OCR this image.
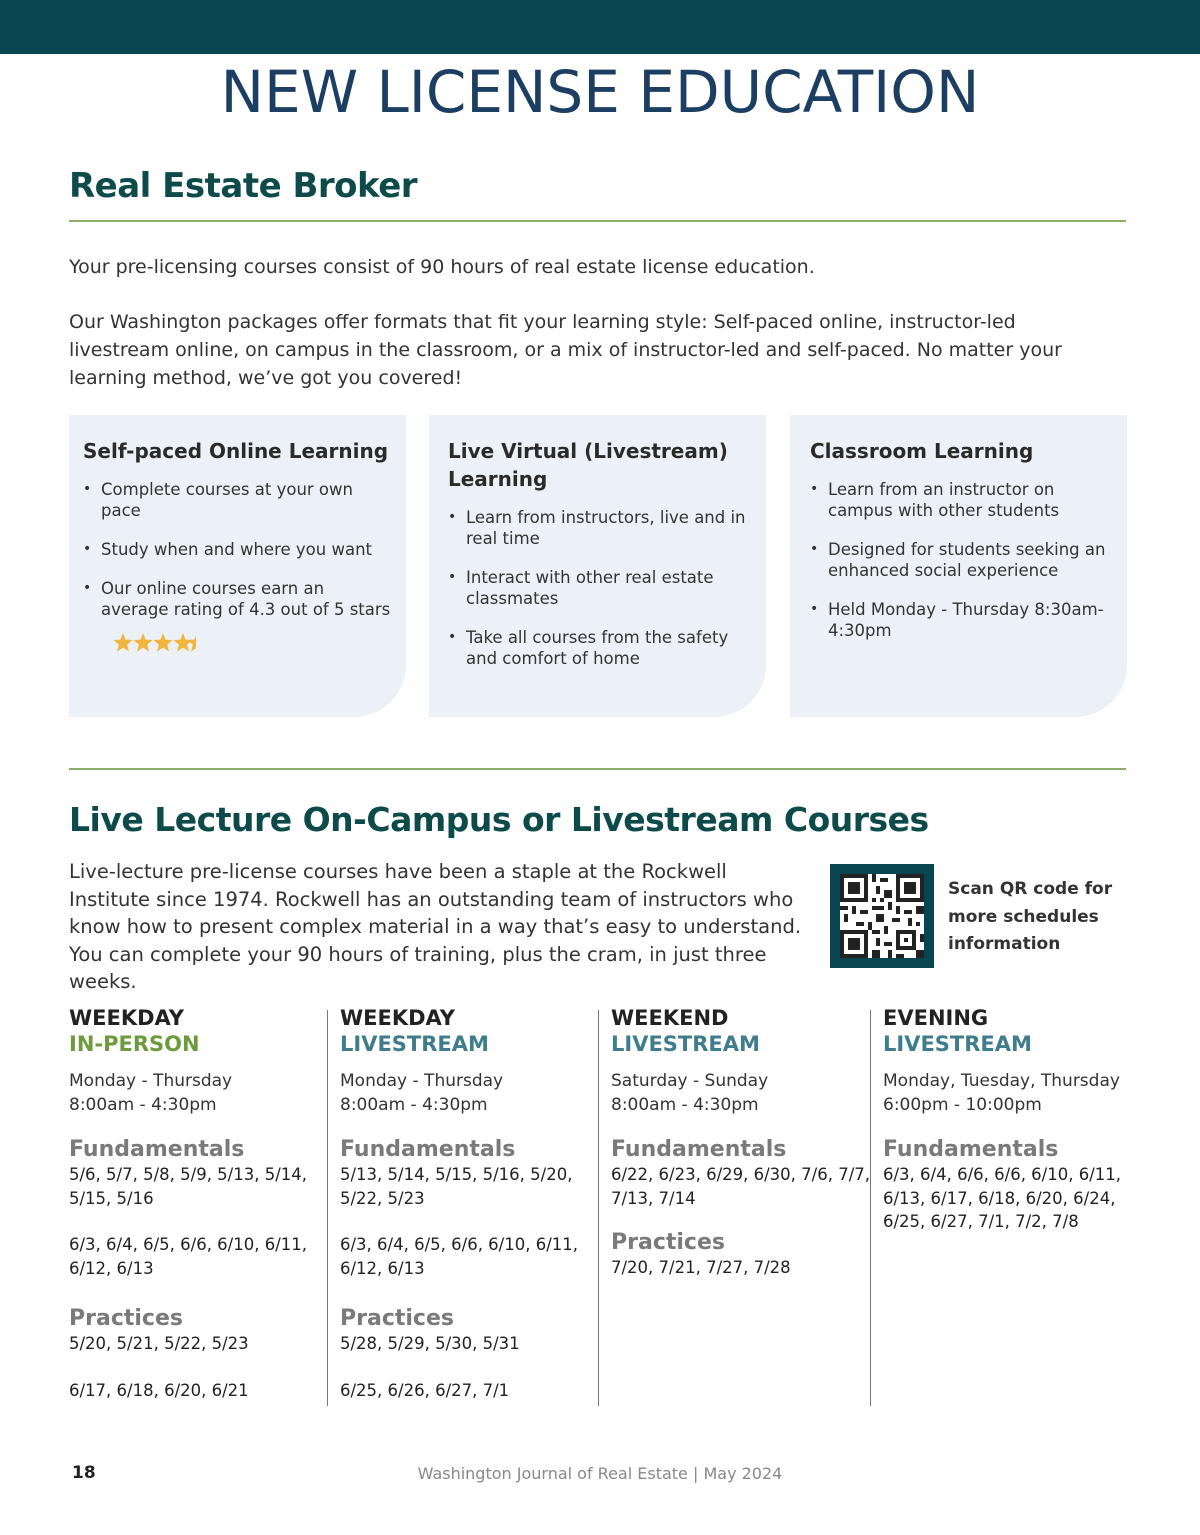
NEW LICENSE EDUCATION
Real Estate Broker

Your pre-licensing courses consist of 90 hours of real estate license education.

Our Washington packages offer formats that fit your learning style: Self-paced online, instructor-led livestream online, on campus in the classroom, or a mix of instructor-led and self-paced. No matter your learning method, we’ve got you covered!

Self-paced Online Learning
• Complete courses at your own pace
• Study when and where you want
• Our online courses earn an average rating of 4.3 out of 5 stars
Live Virtual (Livestream) Learning
• Learn from instructors, live and in real time
• Interact with other real estate classmates
• Take all courses from the safety and comfort of home
Classroom Learning
• Learn from an instructor on campus with other students
• Designed for students seeking an enhanced social experience
• Held Monday - Thursday 8:30am-4:30pm
Live Lecture On-Campus or Livestream Courses

Live-lecture pre-license courses have been a staple at the Rockwell Institute since 1974. Rockwell has an outstanding team of instructors who know how to present complex material in a way that’s easy to understand. You can complete your 90 hours of training, plus the cram, in just three weeks.

Scan QR code for more schedules information
WEEKDAY
IN-PERSON
Monday - Thursday
8:00am - 4:30pm
Fundamentals
5/6, 5/7, 5/8, 5/9, 5/13, 5/14, 5/15, 5/16
6/3, 6/4, 6/5, 6/6, 6/10, 6/11, 6/12, 6/13
Practices
5/20, 5/21, 5/22, 5/23
6/17, 6/18, 6/20, 6/21
WEEKDAY
LIVESTREAM
Monday - Thursday
8:00am - 4:30pm
Fundamentals
5/13, 5/14, 5/15, 5/16, 5/20, 5/22, 5/23
6/3, 6/4, 6/5, 6/6, 6/10, 6/11, 6/12, 6/13
Practices
5/28, 5/29, 5/30, 5/31
6/25, 6/26, 6/27, 7/1
WEEKEND
LIVESTREAM
Saturday - Sunday
8:00am - 4:30pm
Fundamentals
6/22, 6/23, 6/29, 6/30, 7/6, 7/7, 7/13, 7/14
Practices
7/20, 7/21, 7/27, 7/28
EVENING
LIVESTREAM
Monday, Tuesday, Thursday
6:00pm - 10:00pm
Fundamentals
6/3, 6/4, 6/6, 6/6, 6/10, 6/11, 6/13, 6/17, 6/18, 6/20, 6/24, 6/25, 6/27, 7/1, 7/2, 7/8
18	Washington Journal of Real Estate | May 2024
